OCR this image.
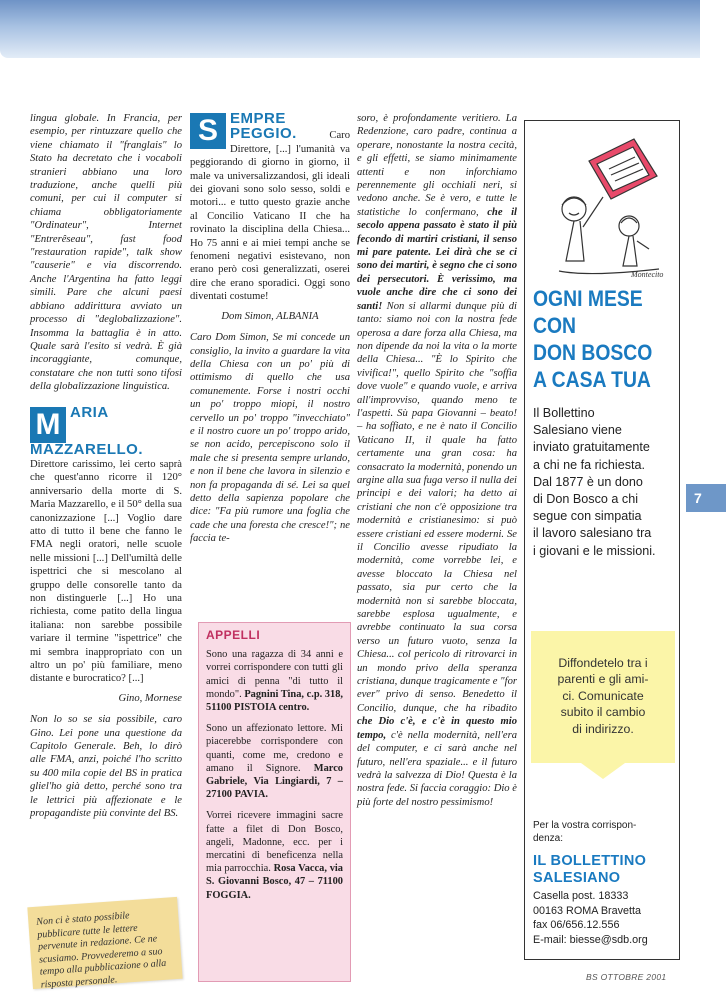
lingua globale. In Francia, per esempio, per rintuzzare quello che viene chiamato il "franglais" lo Stato ha decretato che i vocaboli stranieri abbiano una loro traduzione, anche quelli più comuni, per cui il computer si chiama obbligatoriamente "Ordinateur", Internet "Entrerêseau", fast food "restauration rapide", talk show "causerie" e via discorrendo. Anche l'Argentina ha fatto leggi simili. Pare che alcuni paesi abbiano addirittura avviato un processo di "deglobalizzazione". Insomma la battaglia è in atto. Quale sarà l'esito si vedrà. È già incoraggiante, comunque, constatare che non tutti sono tifosi della globalizzazione linguistica.

M ARIA MAZZARELLO. Direttore carissimo, lei certo saprà che quest'anno ricorre il 120° anniversario della morte di S. Maria Mazzarello, e il 50° della sua canonizzazione [...] Voglio dare atto di tutto il bene che fanno le FMA negli oratori, nelle scuole nelle missioni [...] Dell'umiltà delle ispettrici che si mescolano al gruppo delle consorelle tanto da non distinguerle [...] Ho una richiesta, come patito della lingua italiana: non sarebbe possibile variare il termine "ispettrice" che mi sembra inappropriato con un altro un po' più familiare, meno distante e burocratico? [...]
Gino, Mornese

Non lo so se sia possibile, caro Gino. Lei pone una questione da Capitolo Generale. Beh, lo dirò alle FMA, anzi, poiché l'ho scritto su 400 mila copie del BS in pratica gliel'ho già detto, perché sono tra le lettrici più affezionate e le propagandiste più convinte del BS.

Non ci è stato possibile pubblicare tutte le lettere pervenute in redazione. Ce ne scusiamo. Provvederemo a suo tempo alla pubblicazione o alla risposta personale.
S EMPRE PEGGIO.	Caro Direttore, [...] l'umanità va peggiorando di giorno in giorno, il male va universalizzandosi, gli ideali dei giovani sono solo sesso, soldi e motori... e tutto questo grazie anche al Concilio Vaticano II che ha rovinato la disciplina della Chiesa... Ho 75 anni e ai miei tempi anche se fenomeni negativi esistevano, non erano però così generalizzati, oserei dire che erano sporadici. Oggi sono diventati costume!
Dom Simon, ALBANIA

Caro Dom Simon, Se mi concede un consiglio, la invito a guardare la vita della Chiesa con un po' più di ottimismo di quello che usa comunemente. Forse i nostri occhi un po' troppo miopi, il nostro cervello un po' troppo "invecchiato" e il nostro cuore un po' troppo arido, se non acido, percepiscono solo il male che si presenta sempre urlando, e non il bene che lavora in silenzio e non fa propaganda di sé. Lei sa quel detto della sapienza popolare che dice: "Fa più rumore una foglia che cade che una foresta che cresce!"; ne faccia te-

APPELLI

Sono una ragazza di 34 anni e vorrei corrispondere con tutti gli amici di penna "di tutto il mondo". Pagnini Tina, c.p. 318, 51100 PISTOIA centro.

Sono un affezionato lettore. Mi piacerebbe corrispondere con quanti, come me, credono e amano il Signore. Marco Gabriele, Via Lingiardi, 7 – 27100 PAVIA.

Vorrei ricevere immagini sacre fatte a filet di Don Bosco, angeli, Madonne, ecc. per i mercatini di beneficenza nella mia parrocchia. Rosa Vacca, via S. Giovanni Bosco, 47 – 71100 FOGGIA.

soro, è profondamente veritiero. La Redenzione, caro padre, continua a operare, nonostante la nostra cecità, e gli effetti, se siamo minimamente attenti e non inforchiamo perennemente gli occhiali neri, si vedono anche. Se è vero, e tutte le statistiche lo confermano, che il secolo appena passato è stato il più fecondo di martiri cristiani, il senso mi pare patente. Lei dirà che se ci sono dei martiri, è segno che ci sono dei persecutori. È verissimo, ma vuole anche dire che ci sono dei santi! Non si allarmi dunque più di tanto: siamo noi con la nostra fede operosa a dare forza alla Chiesa, ma non dipende da noi la vita o la morte della Chiesa... "È lo Spirito che vivifica!", quello Spirito che "soffia dove vuole" e quando vuole, e arriva all'improvviso, quando meno te l'aspetti. Sù papa Giovanni – beato! – ha soffiato, e ne è nato il Concilio Vaticano II, il quale ha fatto certamente una gran cosa: ha consacrato la modernità, ponendo un argine alla sua fuga verso il nulla dei principi e dei valori; ha detto ai cristiani che non c'è opposizione tra modernità e cristianesimo: si può essere cristiani ed essere moderni. Se il Concilio avesse ripudiato la modernità, come vorrebbe lei, e avesse bloccato la Chiesa nel passato, sia pur certo che la modernità non si sarebbe bloccata, sarebbe esplosa ugualmente, e avrebbe continuato la sua corsa verso un futuro vuoto, senza la Chiesa... col pericolo di ritrovarci in un mondo privo della speranza cristiana, dunque tragicamente e "for ever" privo di senso. Benedetto il Concilio, dunque, che ha ribadito che Dio c'è, e c'è in questo mio tempo, c'è nella modernità, nell'era del computer, e ci sarà anche nel futuro, nell'era spaziale... e il futuro vedrà la salvezza di Dio! Questa è la nostra fede. Si faccia coraggio: Dio è più forte del nostro pessimismo!

Montecito
OGNI MESE
CON
DON BOSCO
A CASA TUA
Il Bollettino
Salesiano viene
inviato gratuitamente
a chi ne fa richiesta.
Dal 1877 è un dono
di Don Bosco a chi
segue con simpatia
il lavoro salesiano tra
i giovani e le missioni.
Diffondetelo tra i
parenti e gli ami-
ci. Comunicate
subito il cambio
di indirizzo.
Per la vostra corrispon-
denza:
IL BOLLETTINO
SALESIANO
Casella post. 18333
00163 ROMA Bravetta
fax 06/656.12.556
E-mail: biesse@sdb.org
7
BS OTTOBRE 2001
